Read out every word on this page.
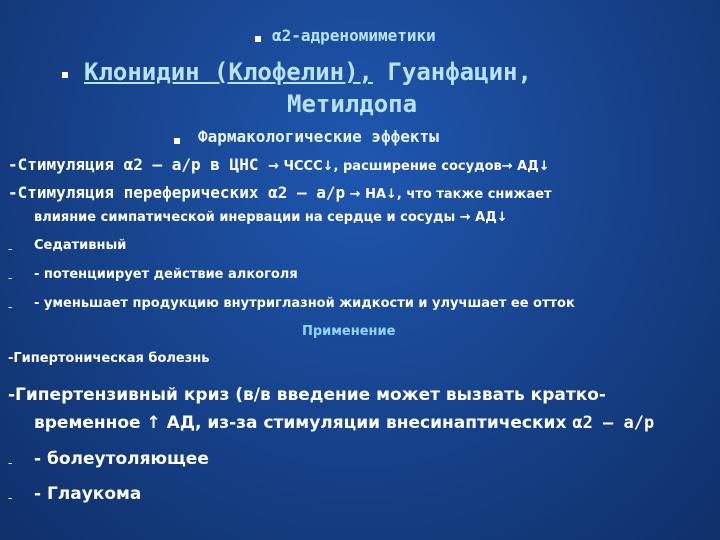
α2-адреномиметики
Клонидин (Клофелин), Гуанфацин,
Метилдопа
Фармакологические эффекты
-Стимуляция α2 – а/р в ЦНС → ЧССС↓, расширение сосудов→ АД↓
-Стимуляция переферических α2 – а/р → НА↓, что также снижает
влияние симпатической инервации на сердце и сосуды → АД↓
- Седативный
- - потенциирует действие алкоголя
- - уменьшает продукцию внутриглазной жидкости и улучшает ее отток
Применение
-Гипертоническая болезнь
-Гипертензивный криз (в/в введение может вызвать кратко-
временное ↑ АД, из-за стимуляции внесинаптических α2 – а/р
- - болеутоляющее
- - Глаукома
